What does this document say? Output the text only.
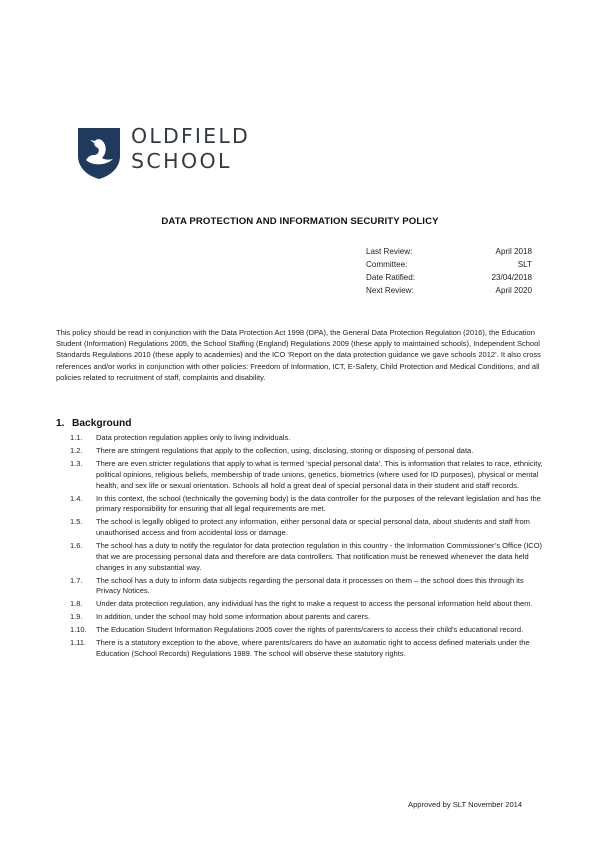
OLDFIELD
SCHOOL
DATA PROTECTION AND INFORMATION SECURITY POLICY
Last Review:	April 2018
Committee:	SLT
Date Ratified:	23/04/2018
Next Review:	April 2020

This policy should be read in conjunction with the Data Protection Act 1998 (DPA), the General Data Protection Regulation (2016), the Education Student (Information) Regulations 2005, the School Staffing (England) Regulations 2009 (these apply to maintained schools), Independent School Standards Regulations 2010 (these apply to academies) and the ICO ‘Report on the data protection guidance we gave schools 2012’. It also cross references and/or works in conjunction with other policies: Freedom of Information, ICT, E-Safety, Child Protection and Medical Conditions, and all policies related to recruitment of staff, complaints and disability.

1. Background
1.1.	Data protection regulation applies only to living individuals.
1.2.	There are stringent regulations that apply to the collection, using, disclosing, storing or disposing of personal data.
1.3.	There are even stricter regulations that apply to what is termed ‘special personal data’. This is information that relates to race, ethnicity, political opinions, religious beliefs, membership of trade unions, genetics, biometrics (where used for ID purposes), physical or mental health, and sex life or sexual orientation. Schools all hold a great deal of special personal data in their student and staff records.
1.4.	In this context, the school (technically the governing body) is the data controller for the purposes of the relevant legislation and has the primary responsibility for ensuring that all legal requirements are met.
1.5.	The school is legally obliged to protect any information, either personal data or special personal data, about students and staff from unauthorised access and from accidental loss or damage.
1.6.	The school has a duty to notify the regulator for data protection regulation in this country - the Information Commissioner’s Office (ICO) that we are processing personal data and therefore are data controllers. That notification must be renewed whenever the data held changes in any substantial way.
1.7.	The school has a duty to inform data subjects regarding the personal data it processes on them – the school does this through its Privacy Notices.
1.8.	Under data protection regulation, any individual has the right to make a request to access the personal information held about them.
1.9.	In addition, under the school may hold some information about parents and carers.
1.10.	The Education Student Information Regulations 2005 cover the rights of parents/carers to access their child’s educational record.
1.11.	There is a statutory exception to the above, where parents/carers do have an automatic right to access defined materials under the Education (School Records) Regulations 1989. The school will observe these statutory rights.
Approved by SLT November 2014
